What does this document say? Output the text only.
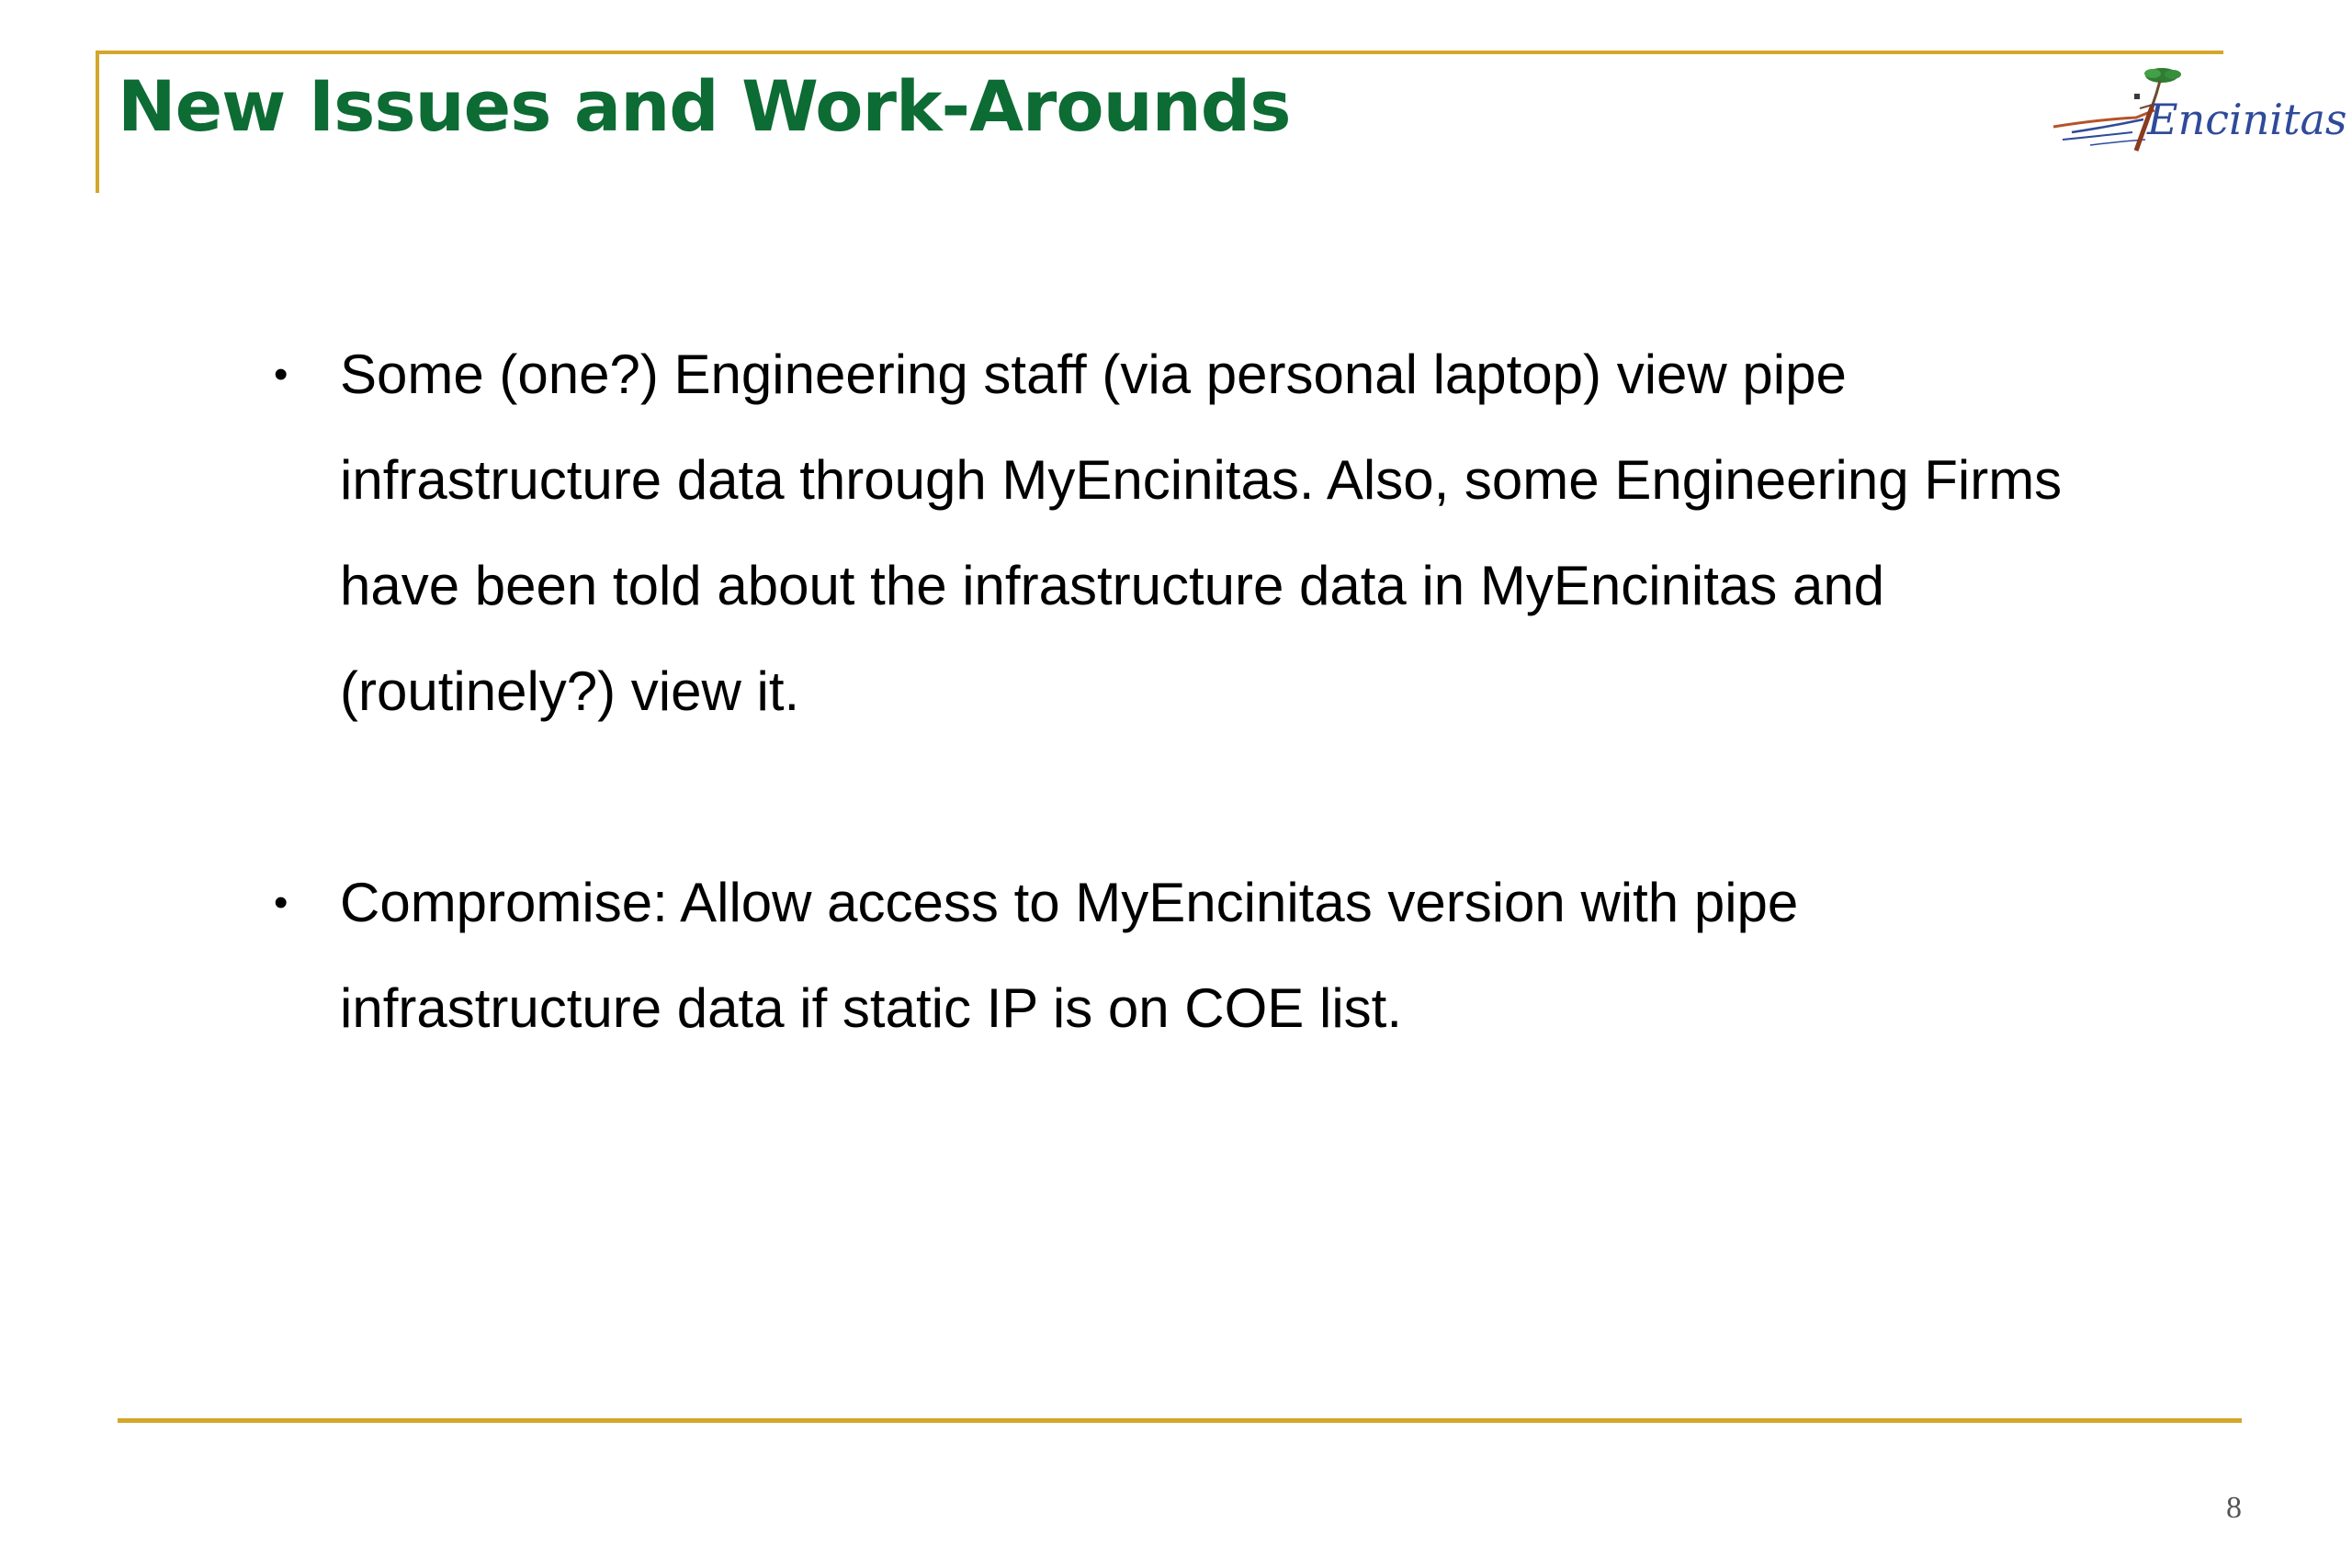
New Issues and Work-Arounds	Encinitas
• Some (one?) Engineering staff (via personal laptop) view pipe infrastructure data through MyEncinitas. Also, some Engineering Firms have been told about the infrastructure data in MyEncinitas and (routinely?) view it.
• Compromise: Allow access to MyEncinitas version with pipe infrastructure data if static IP is on COE list.
8
